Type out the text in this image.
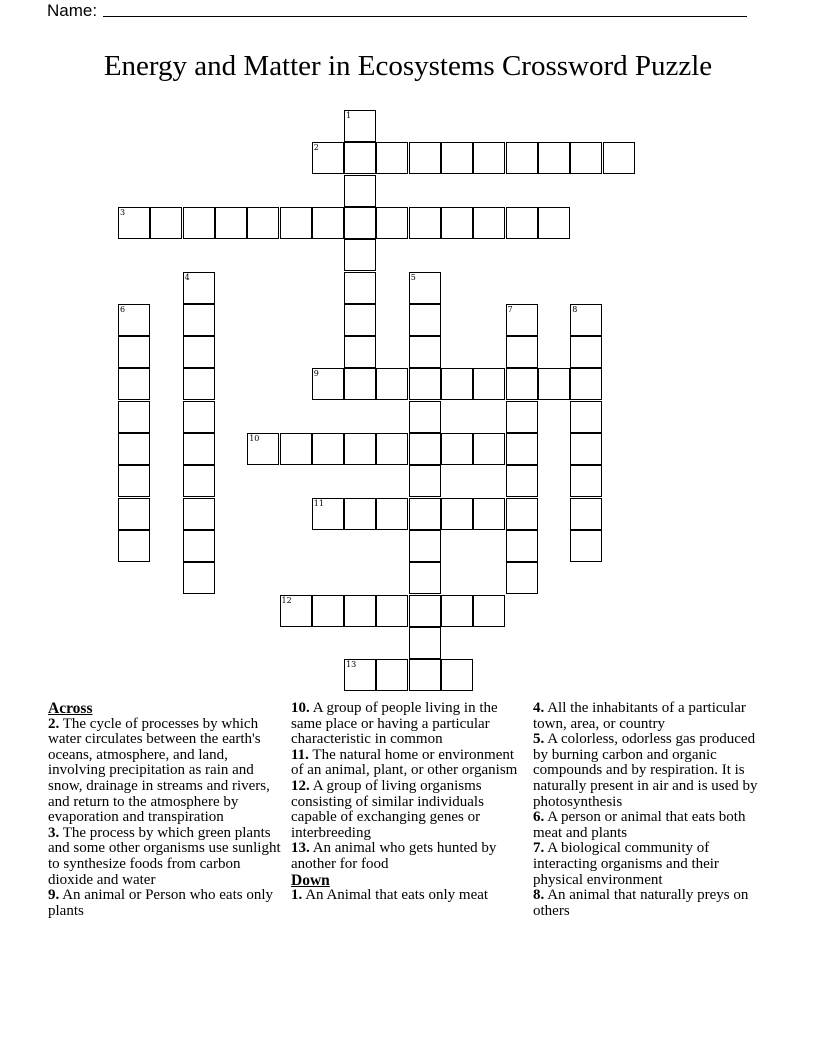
Name:
Energy and Matter in Ecosystems Crossword Puzzle
1
2
3
4	5
6	7	8
9
10
11
12
13
Across

2. The cycle of processes by which water circulates between the earth's oceans, atmosphere, and land, involving precipitation as rain and snow, drainage in streams and rivers, and return to the atmosphere by evaporation and transpiration

3. The process by which green plants and some other organisms use sunlight to synthesize foods from carbon dioxide and water

9. An animal or Person who eats only plants

10. A group of people living in the same place or having a particular characteristic in common

11. The natural home or environment of an animal, plant, or other organism

12. A group of living organisms consisting of similar individuals capable of exchanging genes or interbreeding

13. An animal who gets hunted by another for food

Down

1. An Animal that eats only meat

4. All the inhabitants of a particular town, area, or country

5. A colorless, odorless gas produced by burning carbon and organic compounds and by respiration. It is naturally present in air and is used by photosynthesis

6. A person or animal that eats both meat and plants

7. A biological community of interacting organisms and their physical environment

8. An animal that naturally preys on others
